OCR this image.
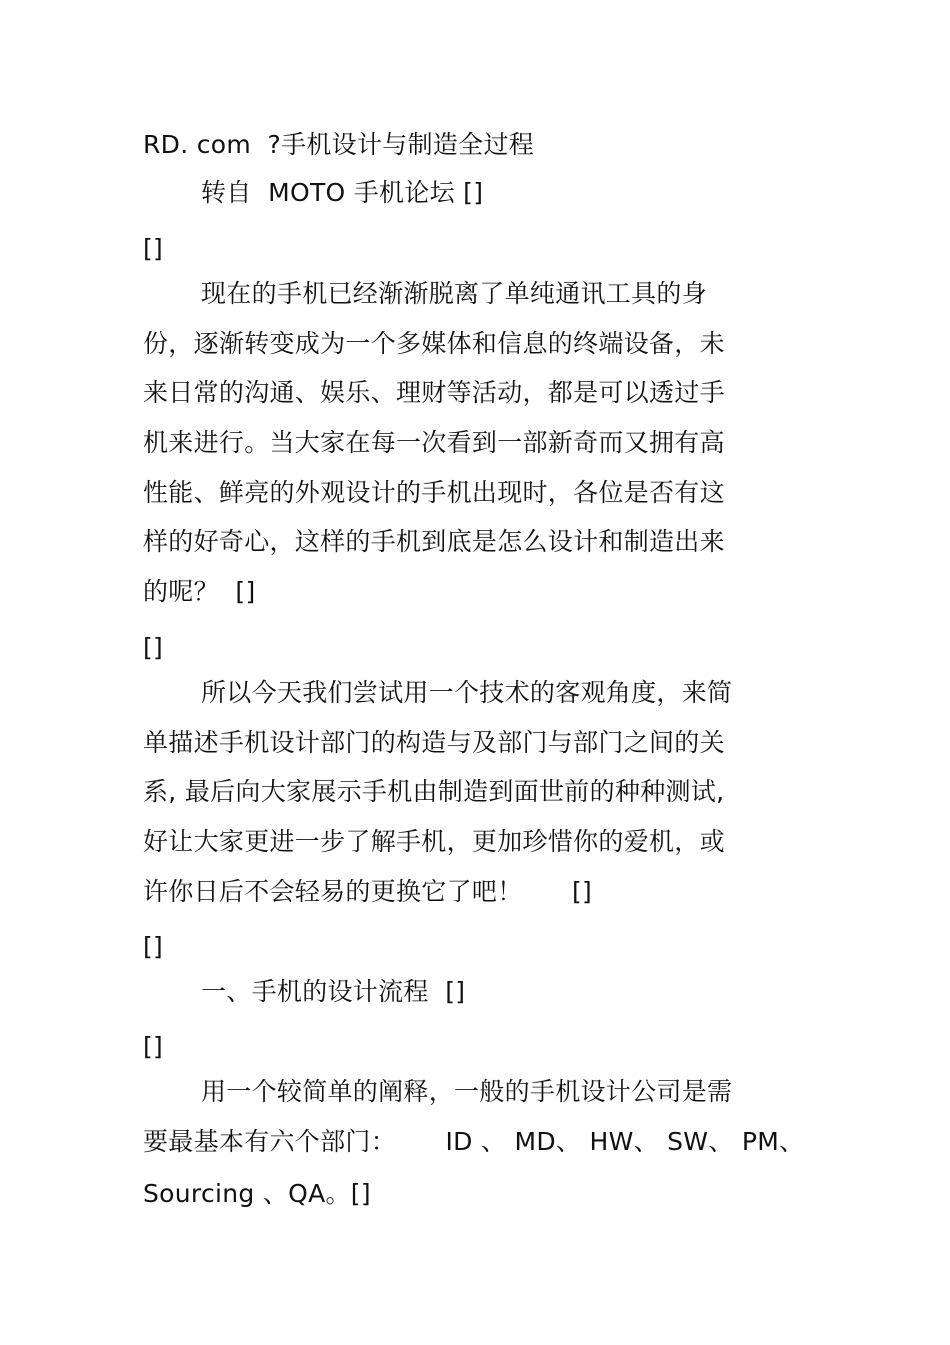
RD. com  ?手机设计与制造全过程
转自  MOTO 手机论坛 []
[]
现在的手机已经渐渐脱离了单纯通讯工具的身
份，逐渐转变成为一个多媒体和信息的终端设备，未
来日常的沟通、娱乐、理财等活动，都是可以透过手
机来进行。当大家在每一次看到一部新奇而又拥有高
性能、鲜亮的外观设计的手机出现时，各位是否有这
样的好奇心，这样的手机到底是怎么设计和制造出来
的呢？  []
[]
所以今天我们尝试用一个技术的客观角度，来简
单描述手机设计部门的构造与及部门与部门之间的关
系, 最后向大家展示手机由制造到面世前的种种测试,
好让大家更进一步了解手机，更加珍惜你的爱机，或
许你日后不会轻易的更换它了吧！      []
[]
一、手机的设计流程  []
[]
用一个较简单的阐释，一般的手机设计公司是需
要最基本有六个部门：      ID 、 MD、 HW、 SW、 PM、
Sourcing 、QA。[]
